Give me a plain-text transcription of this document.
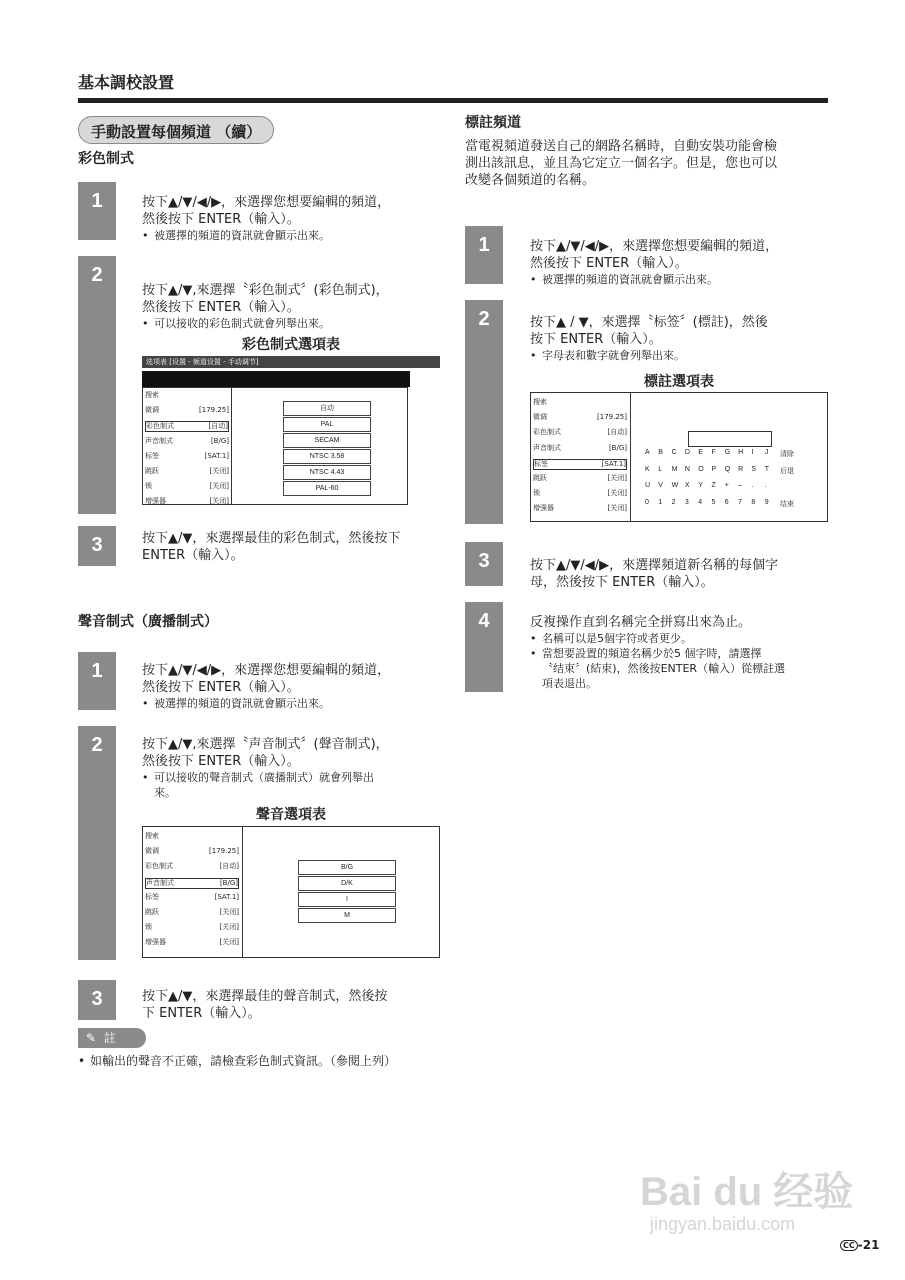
基本調校設置
手動設置每個頻道 （續）
彩色制式
1	按下▲/▼/◀/▶，來選擇您想要編輯的頻道，
然後按下 ENTER（輸入）。
• 被選擇的頻道的資訊就會顯示出來。
2
按下▲/▼,來選擇〝彩色制式〞(彩色制式)，
然後按下 ENTER（輸入）。
• 可以接收的彩色制式就會列舉出來。
彩色制式選項表
选项表 [设置 - 频道设置 - 手动调节]
搜索
微调	[179.25]
彩色制式	[自动]
声音制式	[B/G]
标签	[SAT.1]
跳跃	[关闭]
锁	[关闭]
增强器	[关闭]
自动
PAL
SECAM
NTSC 3.58
NTSC 4.43
PAL-60
3	按下▲/▼，來選擇最佳的彩色制式，然後按下
ENTER（輸入）。
聲音制式（廣播制式）
1	按下▲/▼/◀/▶，來選擇您想要編輯的頻道，
然後按下 ENTER（輸入）。
• 被選擇的頻道的資訊就會顯示出來。
2	按下▲/▼,來選擇〝声音制式〞(聲音制式)，
然後按下 ENTER（輸入）。
• 可以接收的聲音制式（廣播制式）就會列舉出
來。
聲音選項表
搜索
微调	[179.25]
彩色制式	[自动]
声音制式	[B/G]
标签	[SAT.1]
跳跃	[关闭]
锁	[关闭]
增强器	[关闭]
B/G
D/K
I
M
3	按下▲/▼，來選擇最佳的聲音制式，然後按
下 ENTER（輸入）。
✎ 註
• 如輸出的聲音不正確，請檢查彩色制式資訊。（參閱上列）
標註頻道
當電視頻道發送自己的網路名稱時，自動安裝功能會檢
測出該訊息，並且為它定立一個名字。但是，您也可以
改變各個頻道的名稱。
1	按下▲/▼/◀/▶，來選擇您想要編輯的頻道，
然後按下 ENTER（輸入）。
• 被選擇的頻道的資訊就會顯示出來。
2	按下▲ / ▼，來選擇〝标签〞(標註)，然後
按下 ENTER（輸入）。
• 字母表和數字就會列舉出來。
標註選項表
搜索
微调	[179.25]
彩色制式	[自动]
声音制式	[B/G]
标签	[SAT.1]
跳跃	[关闭]
锁	[关闭]
增强器	[关闭]
A B C D E F G H I J 清除
K L M N O P Q R S T 后退
U V W X Y Z + – . .
0 1 2 3 4 5 6 7 8 9 结束
3	按下▲/▼/◀/▶，來選擇頻道新名稱的每個字
母，然後按下 ENTER（輸入）。
4	反複操作直到名稱完全拼寫出來為止。
• 名稱可以是5個字符或者更少。
• 當想要設置的頻道名稱少於5 個字時，請選擇
〝结束〞(結束)，然後按ENTER（輸入）從標註選
項表退出。
Bai du 经验
jingyan.baidu.com
CC -21
